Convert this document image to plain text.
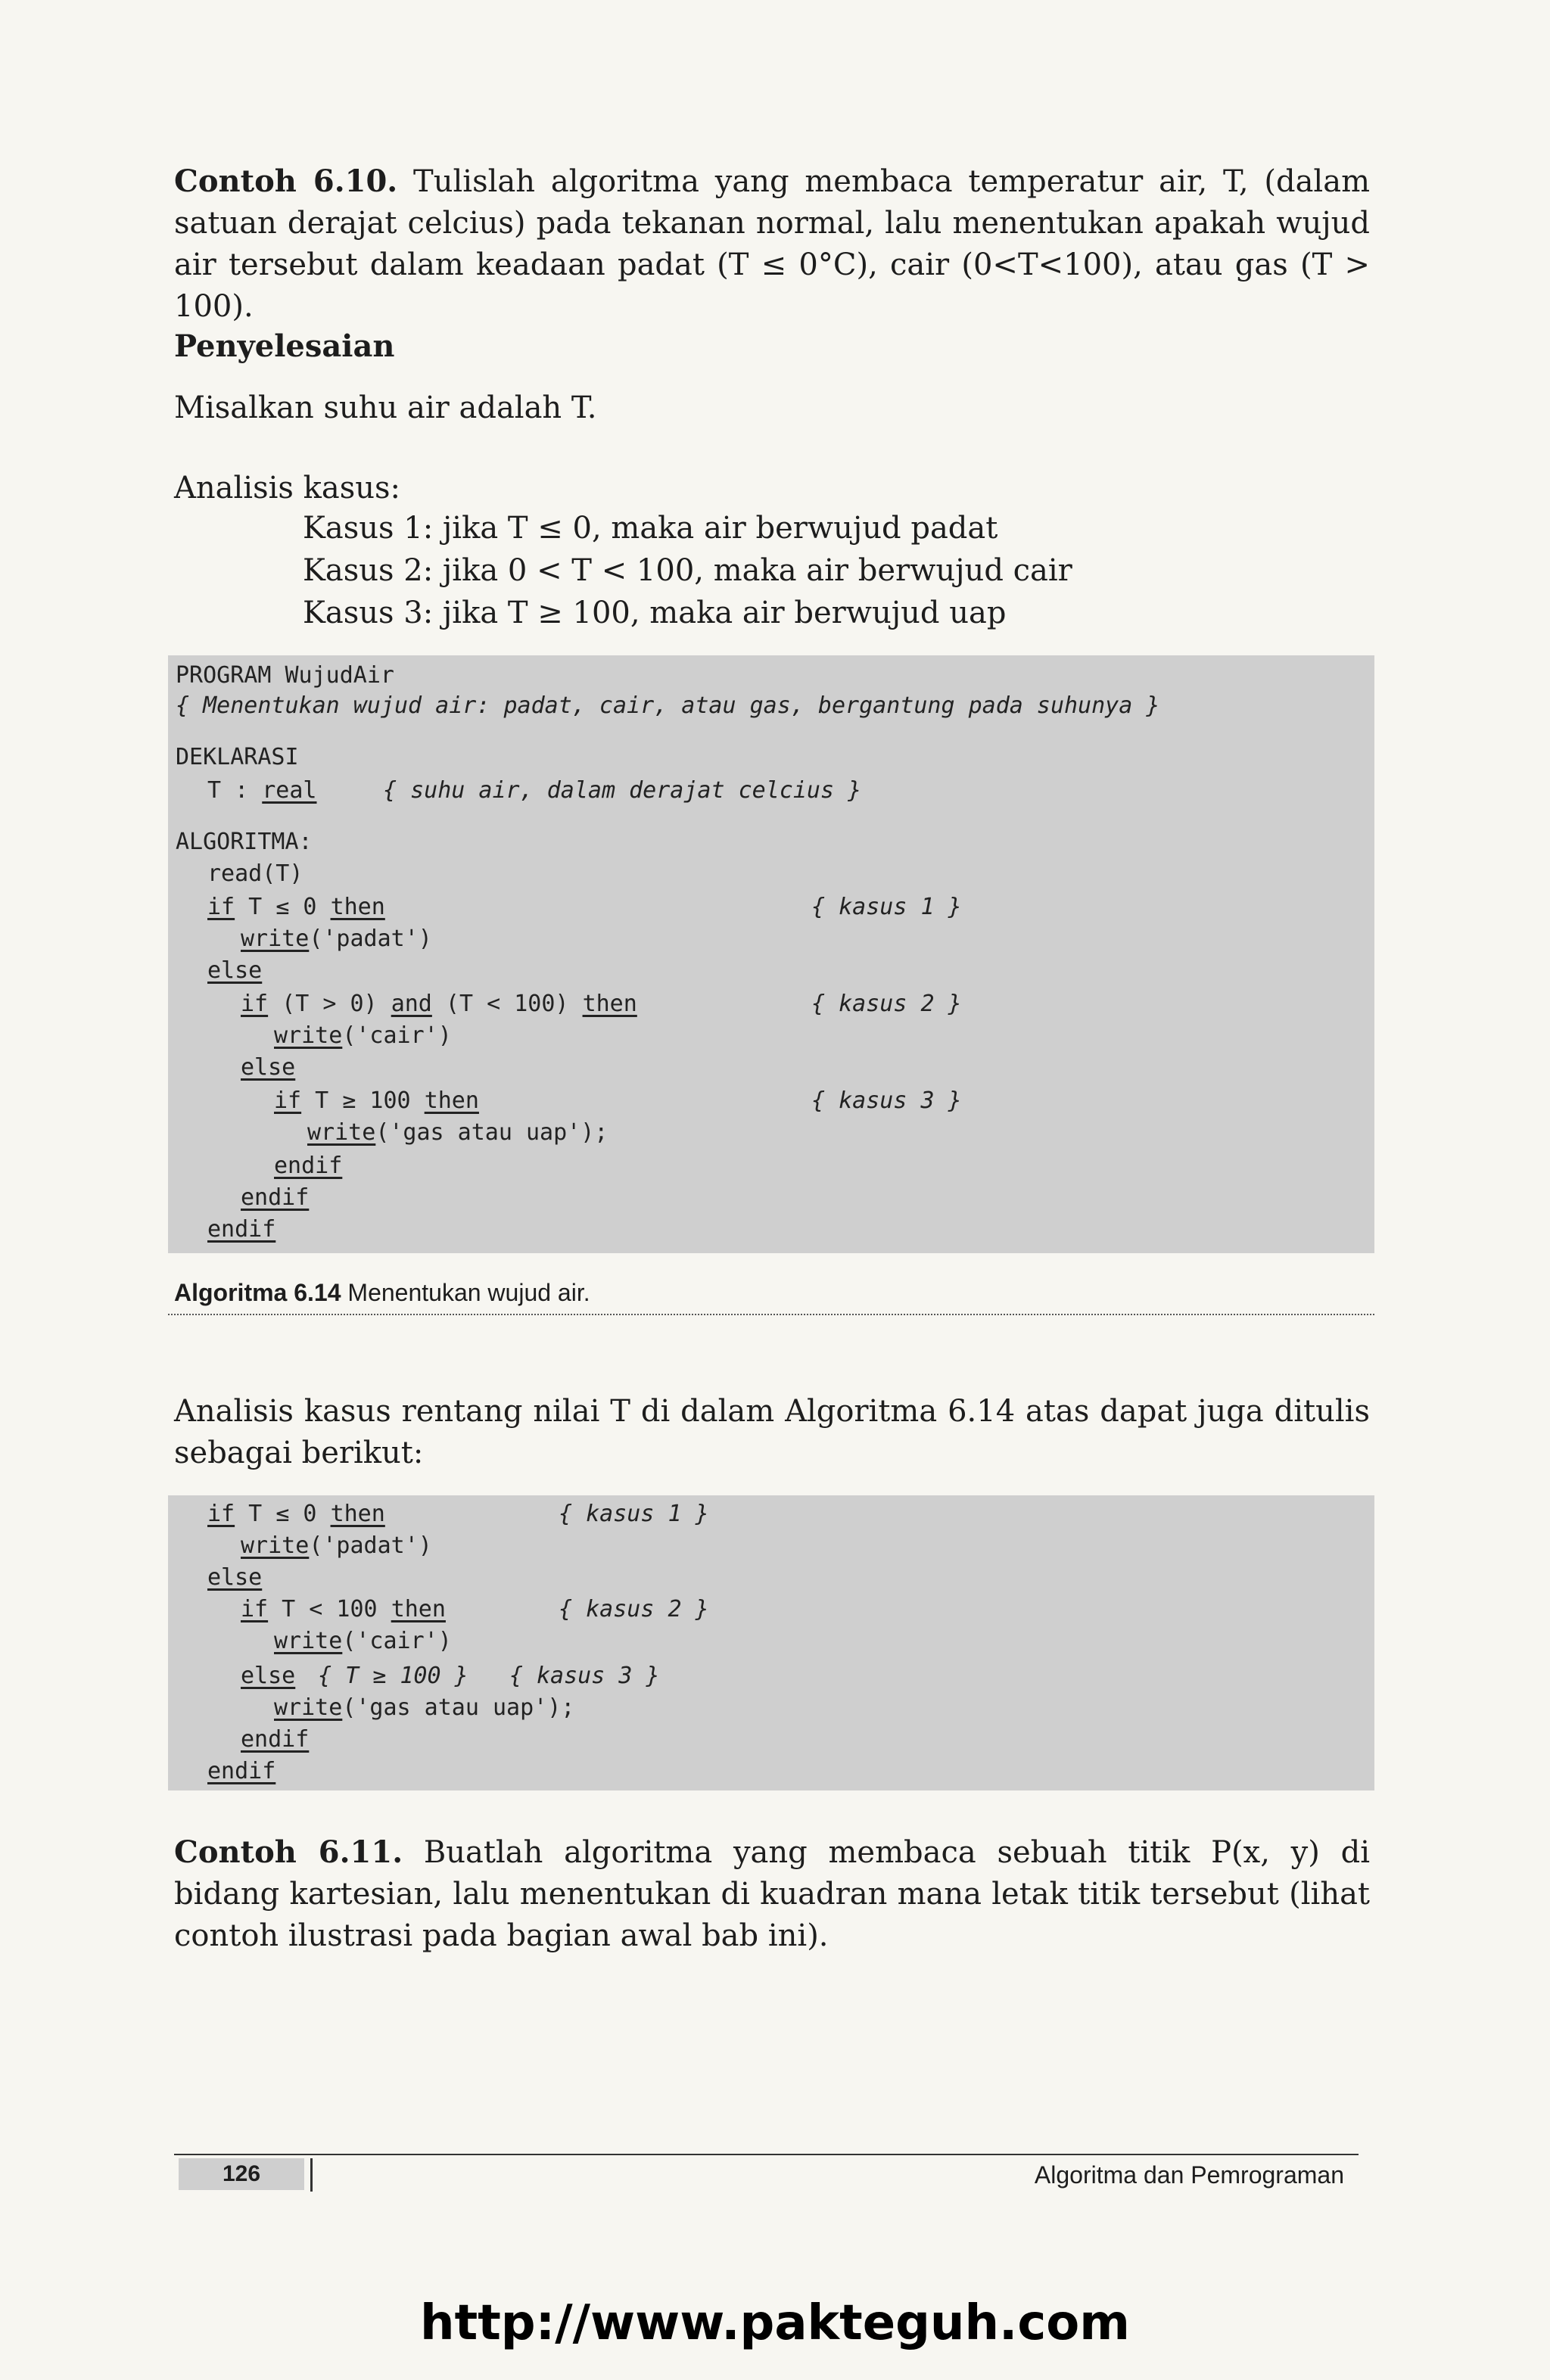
Contoh 6.10. Tulislah algoritma yang membaca temperatur air, T, (dalam satuan derajat celcius) pada tekanan normal, lalu menentukan apakah wujud air tersebut dalam keadaan padat (T ≤ 0°C), cair (0<T<100), atau gas (T > 100).

Penyelesaian

Misalkan suhu air adalah T.

Analisis kasus:

Kasus 1: jika T ≤ 0, maka air berwujud padat
Kasus 2: jika 0 < T < 100, maka air berwujud cair
Kasus 3: jika T ≥ 100, maka air berwujud uap
PROGRAM WujudAir
{ Menentukan wujud air: padat, cair, atau gas, bergantung pada suhunya }
DEKLARASI
T : real	{ suhu air, dalam derajat celcius }
ALGORITMA:
read(T)
if T ≤ 0 then	{ kasus 1 }
write('padat')
else
if (T > 0) and (T < 100) then	{ kasus 2 }
write('cair')
else
if T ≥ 100 then	{ kasus 3 }
write('gas atau uap');
endif
endif
endif
Algoritma 6.14 Menentukan wujud air.

Analisis kasus rentang nilai T di dalam Algoritma 6.14 atas dapat juga ditulis sebagai berikut:

if T ≤ 0 then	{ kasus 1 }
write('padat')
else
if T < 100 then	{ kasus 2 }
write('cair')
else { T ≥ 100 }   { kasus 3 }
write('gas atau uap');
endif
endif

Contoh 6.11. Buatlah algoritma yang membaca sebuah titik P(x, y) di bidang kartesian, lalu menentukan di kuadran mana letak titik tersebut (lihat contoh ilustrasi pada bagian awal bab ini).

126	Algoritma dan Pemrograman
http://www.pakteguh.com
